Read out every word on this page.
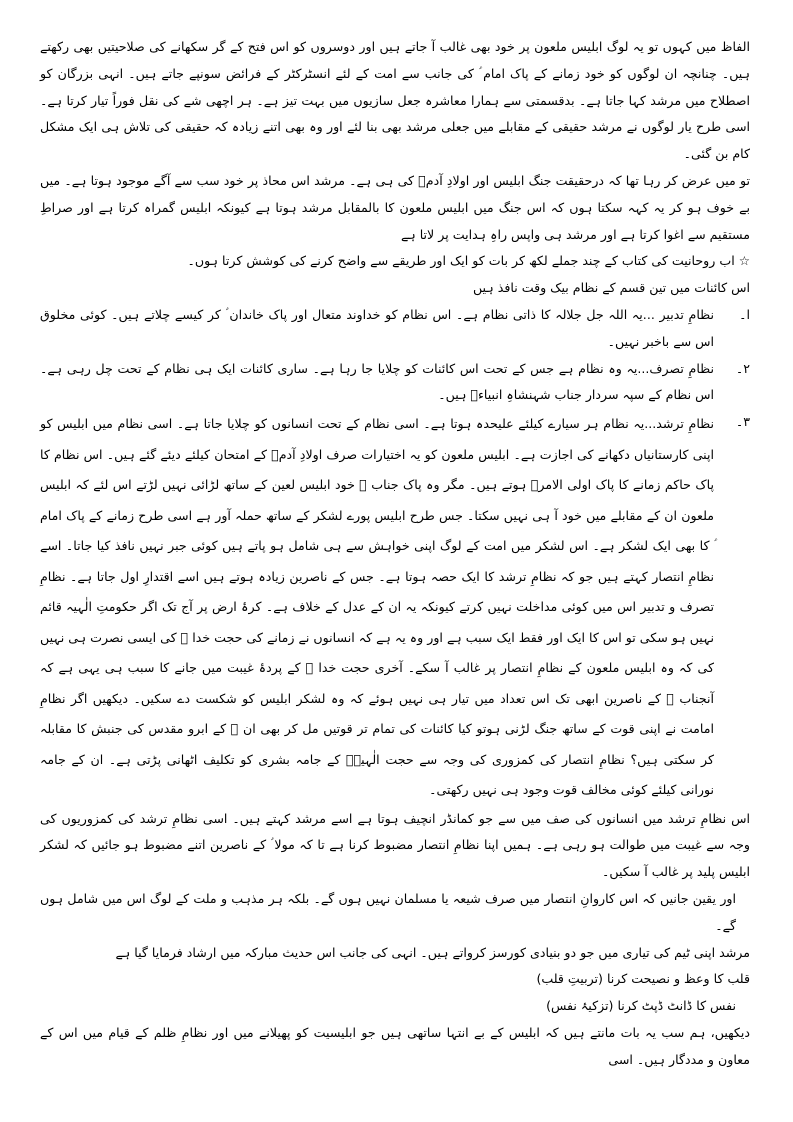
الفاظ میں کہوں تو یہ لوگ ابلیس ملعون پر خود بھی غالب آ جاتے ہیں اور دوسروں کو اس فتح کے گر سکھانے کی صلاحیتیں بھی رکھتے ہیں۔ چنانچہ ان لوگوں کو خود زمانے کے پاک امام ؑ کی جانب سے امت کے لئے انسٹرکٹر کے فرائض سونپے جاتے ہیں۔ انہی بزرگان کو اصطلاح میں مرشد کہا جاتا ہے۔ بدقسمتی سے ہمارا معاشرہ جعل سازیوں میں بہت تیز ہے۔ ہر اچھی شے کی نقل فوراً تیار کرتا ہے۔ اسی طرح یار لوگوں نے مرشد حقیقی کے مقابلے میں جعلی مرشد بھی بنا لئے اور وہ بھی اتنے زیادہ کہ حقیقی کی تلاش ہی ایک مشکل کام بن گئی۔

تو میں عرض کر رہا تھا کہ درحقیقت جنگ ابلیس اور اولادِ آدمؑ کی ہی ہے۔ مرشد اس محاذ پر خود سب سے آگے موجود ہوتا ہے۔ میں بے خوف ہو کر یہ کہہ سکتا ہوں کہ اس جنگ میں ابلیس ملعون کا بالمقابل مرشد ہوتا ہے کیونکہ ابلیس گمراہ کرتا ہے اور صراطِ مستقیم سے اغوا کرتا ہے اور مرشد ہی واپس راہِ ہدایت پر لاتا ہے

☆ اب روحانیت کی کتاب کے چند جملے لکھ کر بات کو ایک اور طریقے سے واضح کرنے کی کوشش کرتا ہوں۔

اس کائنات میں تین قسم کے نظام بیک وقت نافذ ہیں

ا۔
نظامِ تدبیر ...یہ اللہ جل جلالہ کا ذاتی نظام ہے۔ اس نظام کو خداوند متعال اور پاک خاندان ؑ کر کیسے چلاتے ہیں۔ کوئی مخلوق اس سے باخبر نہیں۔
۲۔
نظامِ تصرف...یہ وہ نظام ہے جس کے تحت اس کائنات کو چلایا جا رہا ہے۔ ساری کائنات ایک ہی نظام کے تحت چل رہی ہے۔ اس نظام کے سپہ سردار جناب شہنشاہِ انبیاءؐ ہیں۔
۳۔
نظامِ ترشد...یہ نظام ہر سیارے کیلئے علیحدہ ہوتا ہے۔ اسی نظام کے تحت انسانوں کو چلایا جاتا ہے۔ اسی نظام میں ابلیس کو اپنی کارستانیاں دکھانے کی اجازت ہے۔ ابلیس ملعون کو یہ اختیارات صرف اولادِ آدمؑ کے امتحان کیلئے دیئے گئے ہیں۔ اس نظام کا پاک حاکم زمانے کا پاک اولی الامرؑ ہوتے ہیں۔ مگر وہ پاک جناب ؑ خود ابلیس لعین کے ساتھ لڑائی نہیں لڑتے اس لئے کہ ابلیس ملعون ان کے مقابلے میں خود آ ہی نہیں سکتا۔ جس طرح ابلیس پورے لشکر کے ساتھ حملہ آور ہے اسی طرح زمانے کے پاک امام ؑ کا بھی ایک لشکر ہے۔ اس لشکر میں امت کے لوگ اپنی خواہش سے ہی شامل ہو پاتے ہیں کوئی جبر نہیں نافذ کیا جاتا۔ اسے نظامِ انتصار کہتے ہیں جو کہ نظامِ ترشد کا ایک حصہ ہوتا ہے۔ جس کے ناصرین زیادہ ہوتے ہیں اسے اقتدارِ اول جاتا ہے۔ نظامِ تصرف و تدبیر اس میں کوئی مداخلت نہیں کرتے کیونکہ یہ ان کے عدل کے خلاف ہے۔ کرۂ ارض پر آج تک اگر حکومتِ الٰہیہ قائم نہیں ہو سکی تو اس کا ایک اور فقط ایک سبب ہے اور وہ یہ ہے کہ انسانوں نے زمانے کی حجت خدا ؑ کی ایسی نصرت ہی نہیں کی کہ وہ ابلیس ملعون کے نظامِ انتصار پر غالب آ سکے۔ آخری حجت خدا ؑ کے پردۂ غیبت میں جانے کا سبب ہی یہی ہے کہ آنجناب ؑ کے ناصرین ابھی تک اس تعداد میں تیار ہی نہیں ہوئے کہ وہ لشکر ابلیس کو شکست دے سکیں۔ دیکھیں اگر نظامِ امامت نے اپنی قوت کے ساتھ جنگ لڑنی ہوتو کیا کائنات کی تمام تر قوتیں مل کر بھی ان ؑ کے ابرو مقدس کی جنبش کا مقابلہ کر سکتی ہیں؟ نظامِ انتصار کی کمزوری کی وجہ سے حجت الٰہیہؑ کے جامہ بشری کو تکلیف اٹھانی پڑتی ہے۔ ان کے جامہ نورانی کیلئے کوئی مخالف قوت وجود ہی نہیں رکھتی۔

اس نظامِ ترشد میں انسانوں کی صف میں سے جو کمانڈر انچیف ہوتا ہے اسے مرشد کہتے ہیں۔ اسی نظامِ ترشد کی کمزوریوں کی وجہ سے غیبت میں طوالت ہو رہی ہے۔ ہمیں اپنا نظامِ انتصار مضبوط کرنا ہے تا کہ مولا ؑ کے ناصرین اتنے مضبوط ہو جائیں کہ لشکر ابلیس پلید پر غالب آ سکیں۔

اور یقین جانیں کہ اس کاروانِ انتصار میں صرف شیعہ یا مسلمان نہیں ہوں گے۔ بلکہ ہر مذہب و ملت کے لوگ اس میں شامل ہوں گے۔

مرشد اپنی ٹیم کی تیاری میں جو دو بنیادی کورسز کرواتے ہیں۔ انہی کی جانب اس حدیث مبارکہ میں ارشاد فرمایا گیا ہے

قلب کا وعظ و نصیحت کرنا (تربیتِ قلب)

نفس کا ڈانٹ ڈپٹ کرنا (تزکیۂ نفس)

دیکھیں، ہم سب یہ بات مانتے ہیں کہ ابلیس کے بے انتہا ساتھی ہیں جو ابلیسیت کو پھیلانے میں اور نظامِ ظلم کے قیام میں اس کے معاون و مددگار ہیں۔ اسی
